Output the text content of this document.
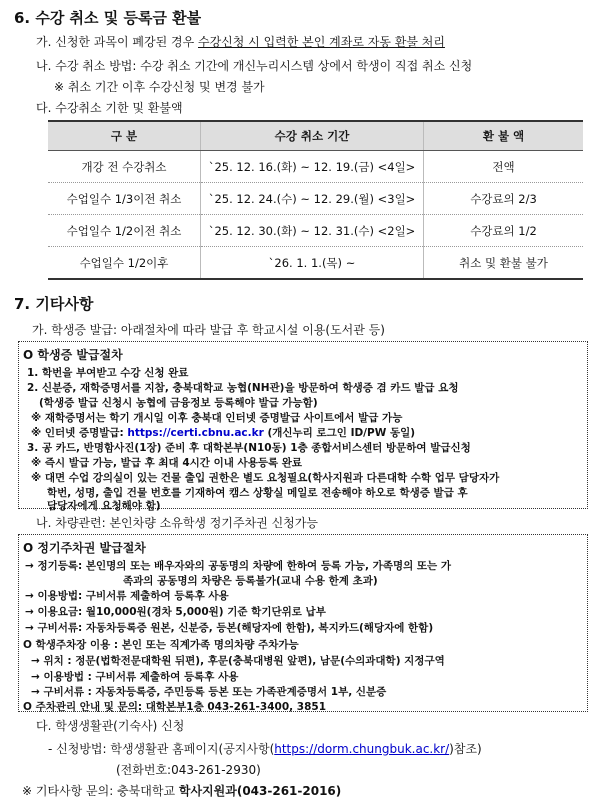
6. 수강 취소 및 등록금 환불
가. 신청한 과목이 폐강된 경우 수강신청 시 입력한 본인 계좌로 자동 환불 처리
나. 수강 취소 방법: 수강 취소 기간에 개신누리시스템 상에서 학생이 직접 취소 신청
※ 취소 기간 이후 수강신청 및 변경 불가
다. 수강취소 기한 및 환불액
구 분	수강 취소 기간	환 불 액
개강 전 수강취소	`25. 12. 16.(화) ~ 12. 19.(금) <4일>	전액
수업일수 1/3이전 취소	`25. 12. 24.(수) ~ 12. 29.(월) <3일>	수강료의 2/3
수업일수 1/2이전 취소	`25. 12. 30.(화) ~ 12. 31.(수) <2일>	수강료의 1/2
수업일수 1/2이후	`26. 1. 1.(목) ~	취소 및 환불 불가
7. 기타사항
가. 학생증 발급: 아래절차에 따라 발급 후 학교시설 이용(도서관 등)
O 학생증 발급절차
1. 학번을 부여받고 수강 신청 완료
2. 신분증, 재학증명서를 지참, 충북대학교 농협(NH관)을 방문하여 학생증 겸 카드 발급 요청
(학생증 발급 신청시 농협에 금융정보 등록해야 발급 가능함)
※ 재학증명서는 학기 개시일 이후 충북대 인터넷 증명발급 사이트에서 발급 가능
※ 인터넷 증명발급: https://certi.cbnu.ac.kr (개신누리 로그인 ID/PW 동일)
3. 공 카드, 반명함사진(1장) 준비 후 대학본부(N10동) 1층 종합서비스센터 방문하여 발급신청
※ 즉시 발급 가능, 발급 후 최대 4시간 이내 사용등록 완료
※ 대면 수업 강의실이 있는 건물 출입 권한은 별도 요청필요(학사지원과 다른대학 수학 업무 담당자가
학번, 성명, 출입 건물 번호를 기재하여 캠스 상황실 메일로 전송해야 하오로 학생증 발급 후
담당자에게 요청해야 함)
나. 차량관련: 본인차량 소유학생 정기주차권 신청가능
O 정기주차권 발급절차
→ 정기등록: 본인명의 또는 배우자와의 공동명의 차량에 한하여 등록 가능, 가족명의 또는 가
족과의 공동명의 차량은 등록불가(교내 수용 한계 초과)
→ 이용방법: 구비서류 제출하여 등록후 사용
→ 이용요금: 월10,000원(경차 5,000원) 기준 학기단위로 납부
→ 구비서류: 자동차등록증 원본, 신분증, 등본(해당자에 한함), 복지카드(해당자에 한함)
O 학생주차장 이용 : 본인 또는 직계가족 명의차량 주차가능
→ 위치 : 정문(법학전문대학원 뒤편), 후문(충북대병원 앞편), 남문(수의과대학) 지정구역
→ 이용방법 : 구비서류 제출하여 등록후 사용
→ 구비서류 : 자동차등록증, 주민등록 등본 또는 가족관계증명서 1부, 신분증
O 주차관리 안내 및 문의: 대학본부1층 043-261-3400, 3851
다. 학생생활관(기숙사) 신청
- 신청방법: 학생생활관 홈페이지(공지사항(https://dorm.chungbuk.ac.kr/)참조)
(전화번호:043-261-2930)
※ 기타사항 문의: 충북대학교 학사지원과(043-261-2016)
